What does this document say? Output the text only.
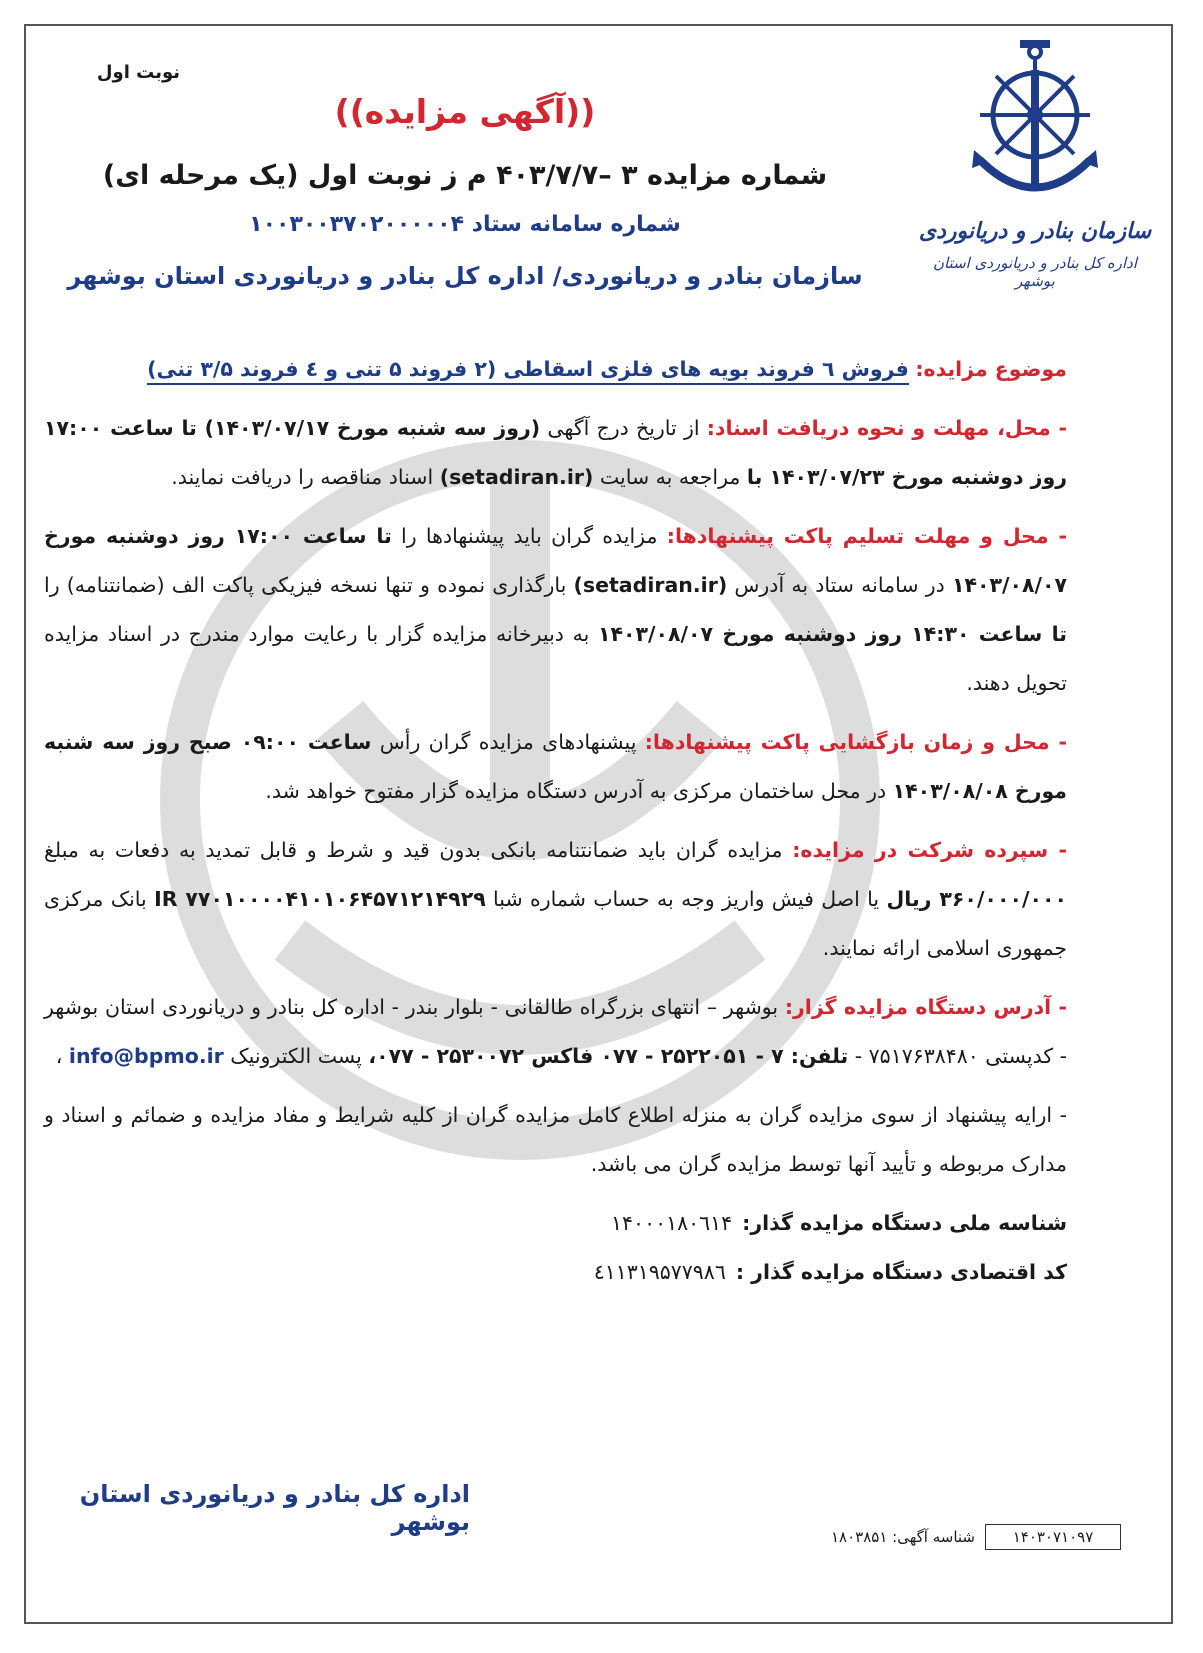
سازمان بنادر و دریانوردی
اداره کل بنادر و دریانوردی استان بوشهر
نوبت اول
((آگهی مزایده))
شماره مزایده ۳ –۴۰۳/۷/۷ م ز نوبت اول (یک مرحله ای)
شماره سامانه ستاد ۱۰۰۳۰۰۳۷۰۲۰۰۰۰۰۴
سازمان بنادر و دریانوردی/ اداره کل بنادر و دریانوردی استان بوشهر

موضوع مزایده: فروش ٦ فروند بویه های فلزی اسقاطی (۲ فروند ۵ تنی و ٤ فروند ۳/۵ تنی)

- محل، مهلت و نحوه دریافت اسناد: از تاریخ درج آگهی (روز سه شنبه مورخ ۱۴۰۳/۰۷/۱۷) تا ساعت ۱۷:۰۰ روز دوشنبه مورخ ۱۴۰۳/۰۷/۲۳ با مراجعه به سایت (setadiran.ir) اسناد مناقصه را دریافت نمایند.

- محل و مهلت تسلیم پاکت پیشنهادها: مزایده گران باید پیشنهادها را تا ساعت ۱۷:۰۰ روز دوشنبه مورخ ۱۴۰۳/۰۸/۰۷ در سامانه ستاد به آدرس (setadiran.ir) بارگذاری نموده و تنها نسخه فیزیکی پاکت الف (ضمانتنامه) را تا ساعت ۱۴:۳۰ روز دوشنبه مورخ ۱۴۰۳/۰۸/۰۷ به دبیرخانه مزایده گزار با رعایت موارد مندرج در اسناد مزایده تحویل دهند.

- محل و زمان بازگشایی پاکت پیشنهادها: پیشنهادهای مزایده گران رأس ساعت ۰۹:۰۰ صبح روز سه شنبه مورخ ۱۴۰۳/۰۸/۰۸ در محل ساختمان مرکزی به آدرس دستگاه مزایده گزار مفتوح خواهد شد.

- سپرده شرکت در مزایده: مزایده گران باید ضمانتنامه بانکی بدون قید و شرط و قابل تمدید به دفعات به مبلغ ۳۶۰/۰۰۰/۰۰۰ ریال یا اصل فیش واریز وجه به حساب شماره شبا IR ۷۷۰۱۰۰۰۰۴۱۰۱۰۶۴۵۷۱۲۱۴۹۲۹ بانک مرکزی جمهوری اسلامی ارائه نمایند.

- آدرس دستگاه مزایده گزار: بوشهر – انتهای بزرگراه طالقانی - بلوار بندر - اداره کل بنادر و دریانوردی استان بوشهر - کدپستی ۷۵۱۷۶۳۸۴۸۰ - تلفن: ۷ - ۲۵۲۲۰۵۱ - ۰۷۷ فاکس ۲۵۳۰۰۷۲ - ۰۷۷، پست الکترونیک info@bpmo.ir ،

- ارایه پیشنهاد از سوی مزایده گران به منزله اطلاع کامل مزایده گران از کلیه شرایط و مفاد مزایده و ضمائم و اسناد و مدارک مربوطه و تأیید آنها توسط مزایده گران می باشد.

شناسه ملی دستگاه مزایده گذار:۱۴۰۰۰۱۸۰٦۱۴

کد اقتصادی دستگاه مزایده گذار :٤۱۱۳۱۹۵۷۷۹۸٦

اداره کل بنادر و دریانوردی استان بوشهر
۱۴۰۳۰۷۱۰۹۷
شناسه آگهی: ۱۸۰۳۸۵۱
